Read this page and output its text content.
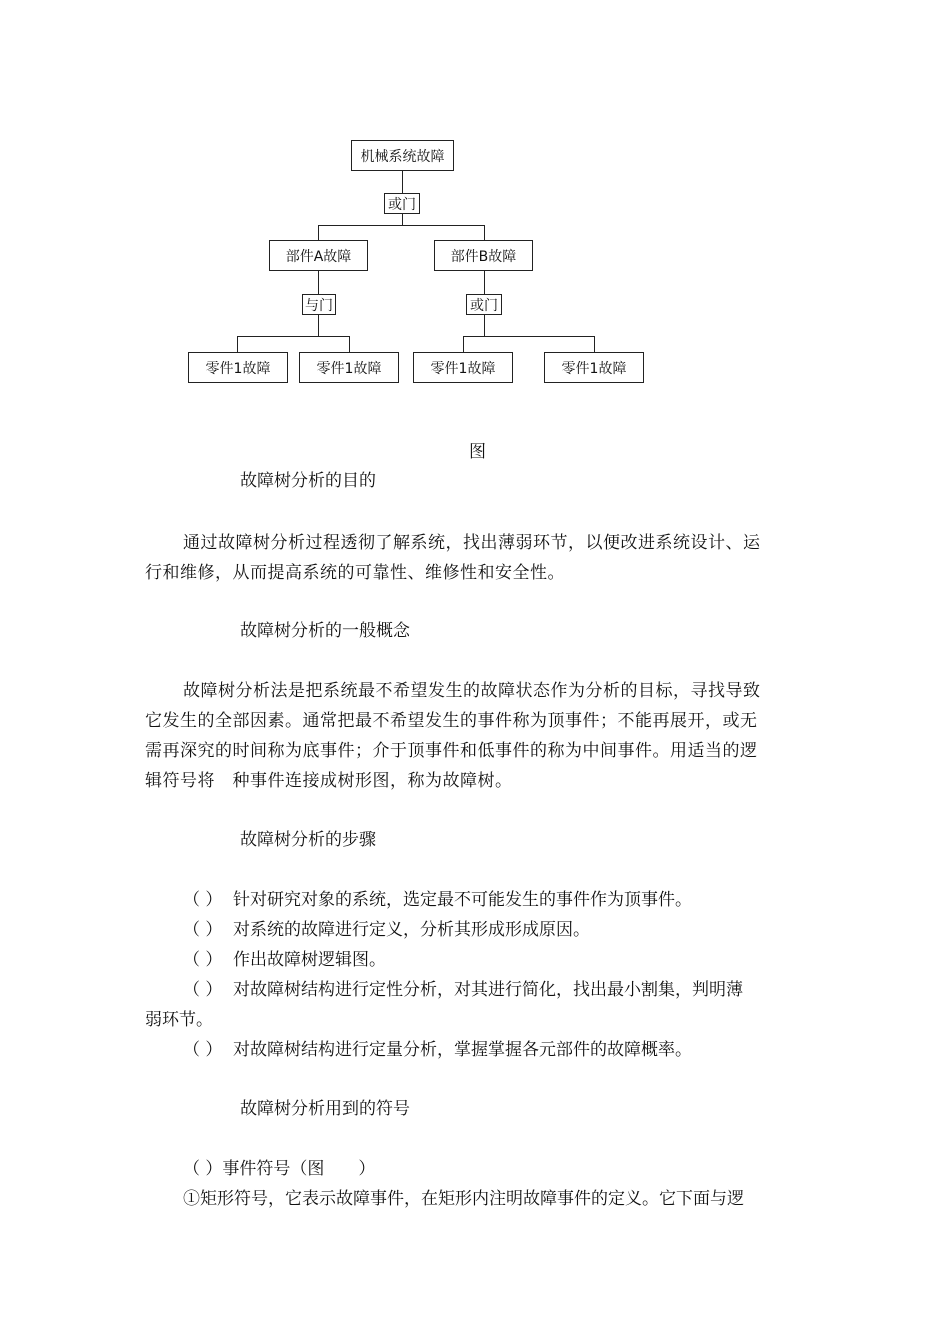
机械系统故障
或门
部件A故障	部件B故障
与门	或门
零件1故障	零件1故障	零件1故障	零件1故障
图
故障树分析的目的
通过故障树分析过程透彻了解系统，找出薄弱环节，以便改进系统设计、运
行和维修，从而提高系统的可靠性、维修性和安全性。
故障树分析的一般概念
故障树分析法是把系统最不希望发生的故障状态作为分析的目标，寻找导致
它发生的全部因素。通常把最不希望发生的事件称为顶事件；不能再展开，或无
需再深究的时间称为底事件；介于顶事件和低事件的称为中间事件。用适当的逻
辑符号将　种事件连接成树形图，称为故障树。
故障树分析的步骤
（ ） 针对研究对象的系统，选定最不可能发生的事件作为顶事件。
（ ） 对系统的故障进行定义，分析其形成形成原因。
（ ） 作出故障树逻辑图。
（ ） 对故障树结构进行定性分析，对其进行简化，找出最小割集，判明薄
弱环节。
（ ） 对故障树结构进行定量分析，掌握掌握各元部件的故障概率。
故障树分析用到的符号
（ ）事件符号（图　　）
①矩形符号，它表示故障事件，在矩形内注明故障事件的定义。它下面与逻
